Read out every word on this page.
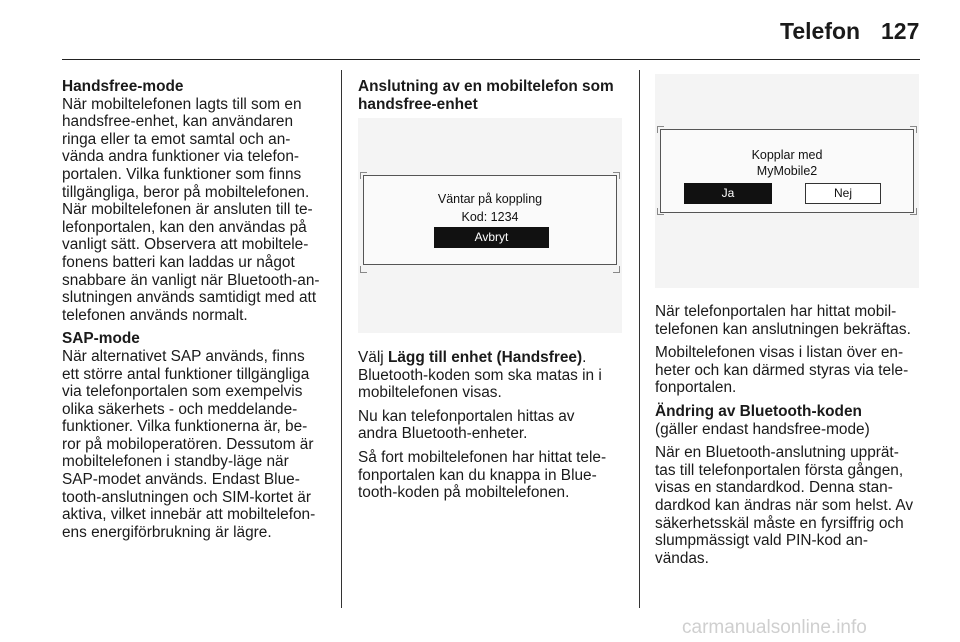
Telefon 127

Handsfree-mode

När mobiltelefonen lagts till som en

handsfree-enhet, kan användaren

ringa eller ta emot samtal och an-

vända andra funktioner via telefon-

portalen. Vilka funktioner som finns

tillgängliga, beror på mobiltelefonen.

När mobiltelefonen är ansluten till te-

lefonportalen, kan den användas på

vanligt sätt. Observera att mobiltele-

fonens batteri kan laddas ur något

snabbare än vanligt när Bluetooth-an-

slutningen används samtidigt med att

telefonen används normalt.

SAP-mode

När alternativet SAP används, finns

ett större antal funktioner tillgängliga

via telefonportalen som exempelvis

olika säkerhets - och meddelande-

funktioner. Vilka funktionerna är, be-

ror på mobiloperatören. Dessutom är

mobiltelefonen i standby-läge när

SAP-modet används. Endast Blue-

tooth-anslutningen och SIM-kortet är

aktiva, vilket innebär att mobiltelefon-

ens energiförbrukning är lägre.

Anslutning av en mobiltelefon som

handsfree-enhet

Väntar på koppling
Kod: 1234
Avbryt

Välj Lägg till enhet (Handsfree).

Bluetooth-koden som ska matas in i

mobiltelefonen visas.

Nu kan telefonportalen hittas av

andra Bluetooth-enheter.

Så fort mobiltelefonen har hittat tele-

fonportalen kan du knappa in Blue-

tooth-koden på mobiltelefonen.

Kopplar med
MyMobile2
Ja	Nej

När telefonportalen har hittat mobil-

telefonen kan anslutningen bekräftas.

Mobiltelefonen visas i listan över en-

heter och kan därmed styras via tele-

fonportalen.

Ändring av Bluetooth-koden

(gäller endast handsfree-mode)

När en Bluetooth-anslutning upprät-

tas till telefonportalen första gången,

visas en standardkod. Denna stan-

dardkod kan ändras när som helst. Av

säkerhetsskäl måste en fyrsiffrig och

slumpmässigt vald PIN-kod an-

vändas.

carmanualsonline.info
